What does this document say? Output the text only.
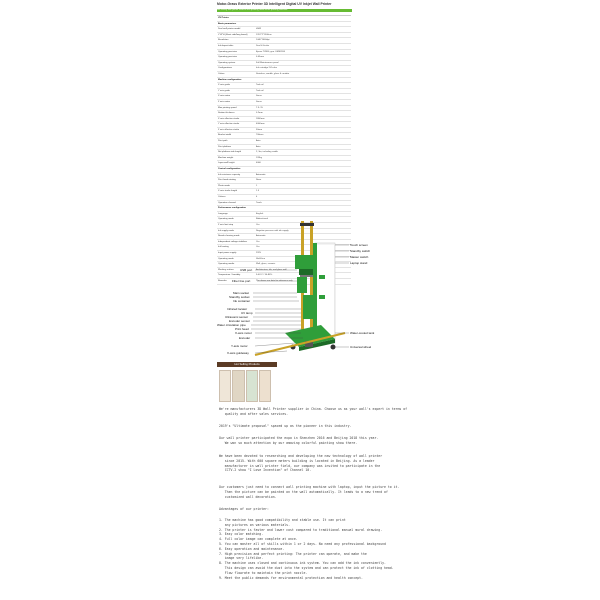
Motor-Grass Exterior Printer 3D Intelligent Digital UV Inkjet Wall Printer
Hot selling wall printer vertical wall painting robot mural painting machine
UV Printer
Basic parameters
Dual wall printer model	HSW
L*W*H (Short side/long board)	1312*2*1500cm
Resolution	1440*1440dpi
Ink deposit dots	Dual & 4color
Operating precision	Epson TX800, gen. UMS/DX6
Operating precision	0.05mm
Operating system	Full Maintenance panel
Configurations	Ink cartridge 2/4 color
Colour	Stainless, marble, glass & corridor
Machine configuration
X axis guide	Tool rail
Y axis guide	Tool rail
X axis motor	Servo
Z axis motor	Servo
Max printing speed	7.5~15
Station thickness	0.2mm
X axis effective stroke	1800mm
Y axis effective stroke	4000mm
Z axis effective stroke	50mm
Bracket width	700mm
Print path	Auto
Print platform	Auto
Net platform side length	2, 3m, including cradle
Machine weight	120kg
Layer-wall height	4000
Control configuration
Ink resistance capacity	Automatic
Print head rotating	None
Photo mode	1
X axis stroke length	1.5
Colours	4
Operation channel	Touch
Performance configuration
Language	English
Operating mode	Bidirectional
Z axis limit stop	Yes
Ink supply mode	Negative pressure with ink supply
Nozzle cleaning mode	Automatic
Independent voltage stabilizer	Yes
Ink heating	Yes
Input power supply	220V
Operating mode	Shift/Line
Operating media	Wall, glass, ceramic
Working surface	Architecture, tile, and glass wall
Temperature / humidity	5-40°C / 30-80%
Remarks	The above are data for reference only
Touch screen
Standby switch
Master switch
Laptop stand
USB port
Fiber line port
Main socket
Standby socket
Ink container
Infrared locator
UV lamp
Ultrasonic sensor
Encoder sensor
Water circulation pipe
Print head
X-axis motor
Encoder
Y-axis motor
X-axis guideway
Water-cooled tank
Universal wheel
Hot Selling Products
We're manufacturers 3D Wall Printer supplier in China. Choose us as your wall's expert in terms of
quality and after sales services.
2019's "Ultimate proposal" spaced up as the pioneer in this industry.
Our wall printer participated the expo in Shenzhen 2016 and Beijing 2018 this year.
We won so much attention by our amazing colorful painting show there.
We have been devoted to researching and developing the new technology of wall printer
since 2015. With 600 square meters building is located in Beijing. As a leader
manufacturer in wall printer field, our company was invited to participate in the
CCTV-2 show "I Love Invention" of Channel 10.
Our customers just need to connect wall printing machine with laptop, input the picture to it.
Then the picture can be painted on the wall automatically. It leads to a new trend of
customized wall decoration.
Advantages of our printer:
1. The machine has good compatibility and stable use. It can print
any pictures on various materials.
2. The printer is faster and lower cost compared to traditional manual mural drawing.
3. Easy color matching.
4. Full color image can complete at once.
5. You can master all of skills within 1 or 2 days. No need any professional background
6. Easy operation and maintenance.
7. High precision and perfect printing: The printer can operate, and make the
image very lifelike.
8. The machine uses closed and continuous ink system. You can add the ink conveniently.
This design can avoid the dust into the system and can protect the ink of clotting head.
Flow flowrate to maintain the print nozzle.
9. Meet the public demands for environmental protection and health concept.
